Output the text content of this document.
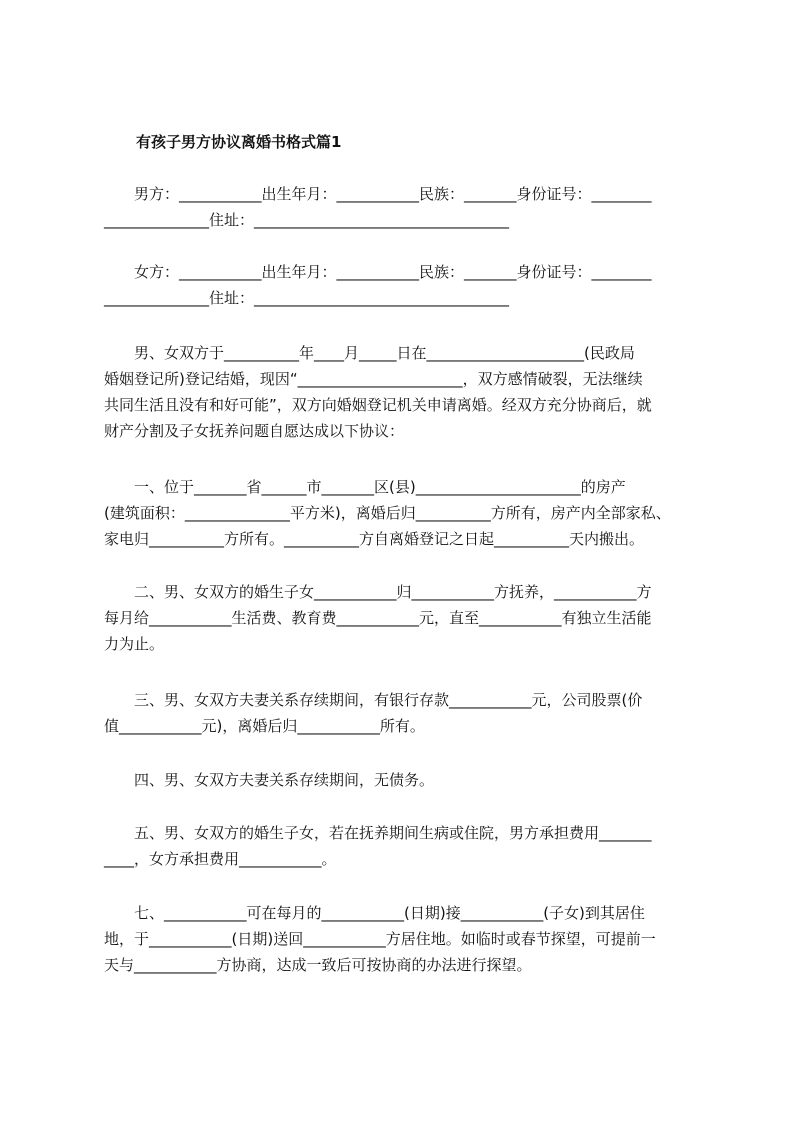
有孩子男方协议离婚书格式篇1
　　男方：___________出生年月：___________民族：_______身份证号：________
______________住址：__________________________________
　　女方：___________出生年月：___________民族：_______身份证号：________
______________住址：__________________________________
　　男、女双方于__________年____月_____日在_____________________(民政局
婚姻登记所)登记结婚，现因“______________________，双方感情破裂，无法继续
共同生活且没有和好可能”，双方向婚姻登记机关申请离婚。经双方充分协商后，就
财产分割及子女抚养问题自愿达成以下协议：
　　一、位于_______省______市_______区(县)______________________的房产
(建筑面积：______________平方米)，离婚后归__________方所有，房产内全部家私、
家电归__________方所有。__________方自离婚登记之日起__________天内搬出。
　　二、男、女双方的婚生子女___________归___________方抚养，___________方
每月给___________生活费、教育费___________元，直至___________有独立生活能
力为止。
　　三、男、女双方夫妻关系存续期间，有银行存款___________元，公司股票(价
值___________元)，离婚后归___________所有。
　　四、男、女双方夫妻关系存续期间，无债务。
　　五、男、女双方的婚生子女，若在抚养期间生病或住院，男方承担费用_______
____，女方承担费用___________。
　　七、___________可在每月的___________(日期)接___________(子女)到其居住
地，于___________(日期)送回___________方居住地。如临时或春节探望，可提前一
天与___________方协商，达成一致后可按协商的办法进行探望。
